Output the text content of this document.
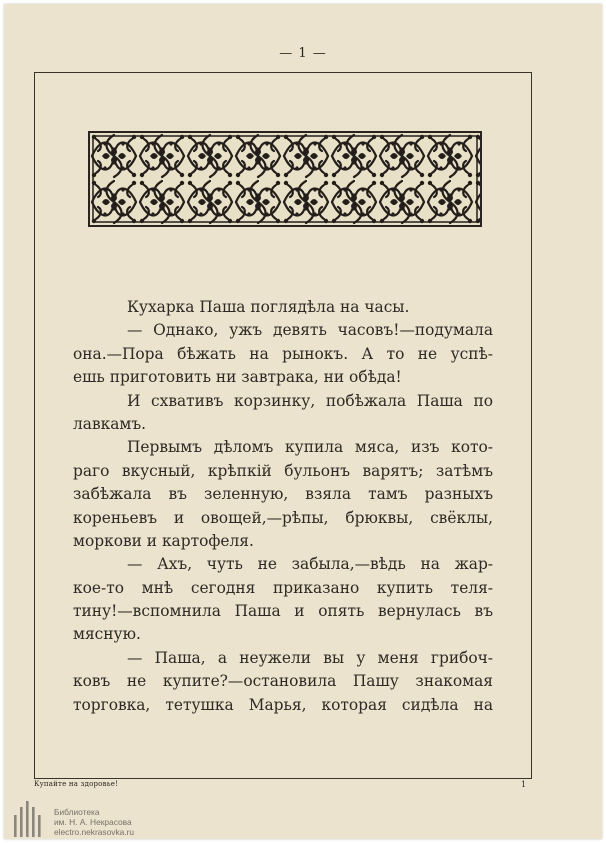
— 1 —
Кухарка Паша поглядѣла на часы.
— Однако, ужъ девять часовъ!—подумала
она.—Пора бѣжать на рынокъ. А то не успѣ-
ешь приготовить ни завтрака, ни обѣда!
И схвативъ корзинку, побѣжала Паша по
лавкамъ.
Первымъ дѣломъ купила мяса, изъ кото-
раго вкусный, крѣпкій бульонъ варятъ; затѣмъ
забѣжала въ зеленную, взяла тамъ разныхъ
кореньевъ и овощей,—рѣпы, брюквы, свёклы,
моркови и картофеля.
— Ахъ, чуть не забыла,—вѣдь на жар-
кое-то мнѣ сегодня приказано купить теля-
тину!—вспомнила Паша и опять вернулась въ
мясную.
— Паша, а неужели вы у меня грибоч-
ковъ не купите?—остановила Пашу знакомая
торговка, тетушка Марья, которая сидѣла на
Купайте на здоровье!	1
Библиотека
им. Н. А. Некрасова
electro.nekrasovka.ru
